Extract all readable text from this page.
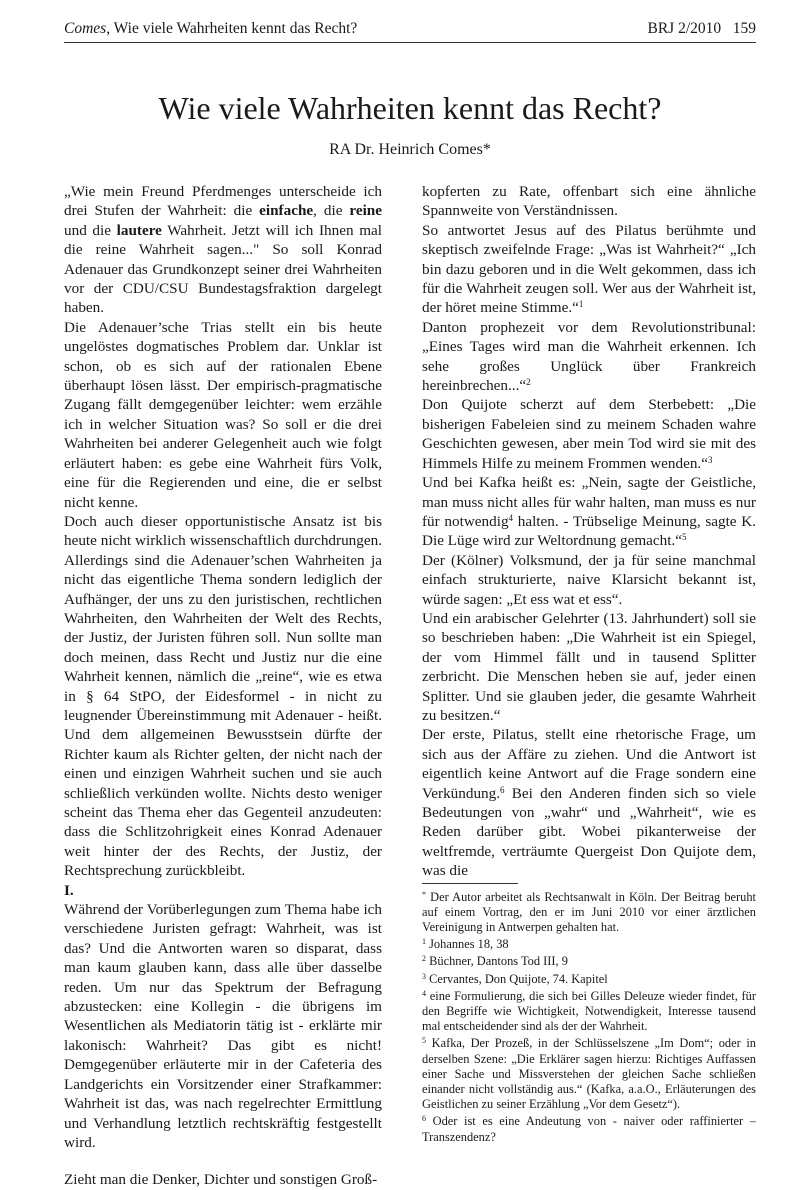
Comes, Wie viele Wahrheiten kennt das Recht?	BRJ 2/2010 159
Wie viele Wahrheiten kennt das Recht?
RA Dr. Heinrich Comes*

„Wie mein Freund Pferdmenges unterscheide ich drei Stufen der Wahrheit: die einfache, die reine und die lautere Wahrheit. Jetzt will ich Ihnen mal die reine Wahrheit sagen..." So soll Konrad Adenauer das Grundkonzept seiner drei Wahrheiten vor der CDU/CSU Bundestagsfraktion dargelegt haben.

Die Adenauer’sche Trias stellt ein bis heute ungelöstes dogmatisches Problem dar. Unklar ist schon, ob es sich auf der rationalen Ebene überhaupt lösen lässt. Der empirisch-pragmatische Zugang fällt demgegenüber leichter: wem erzähle ich in welcher Situation was? So soll er die drei Wahrheiten bei anderer Gelegenheit auch wie folgt erläutert haben: es gebe eine Wahrheit fürs Volk, eine für die Regierenden und eine, die er selbst nicht kenne.

Doch auch dieser opportunistische Ansatz ist bis heute nicht wirklich wissenschaftlich durchdrungen. Allerdings sind die Adenauer’schen Wahrheiten ja nicht das eigentliche Thema sondern lediglich der Aufhänger, der uns zu den juristischen, rechtlichen Wahrheiten, den Wahrheiten der Welt des Rechts, der Justiz, der Juristen führen soll. Nun sollte man doch meinen, dass Recht und Justiz nur die eine Wahrheit kennen, nämlich die „reine“, wie es etwa in § 64 StPO, der Eidesformel - in nicht zu leugnender Übereinstimmung mit Adenauer - heißt. Und dem allgemeinen Bewusstsein dürfte der Richter kaum als Richter gelten, der nicht nach der einen und einzigen Wahrheit suchen und sie auch schließlich verkünden wollte. Nichts desto weniger scheint das Thema eher das Gegenteil anzudeuten: dass die Schlitzohrigkeit eines Konrad Adenauer weit hinter der des Rechts, der Justiz, der Rechtsprechung zurückbleibt.

I.

Während der Vorüberlegungen zum Thema habe ich verschiedene Juristen gefragt: Wahrheit, was ist das? Und die Antworten waren so disparat, dass man kaum glauben kann, dass alle über dasselbe reden. Um nur das Spektrum der Befragung abzustecken: eine Kollegin - die übrigens im Wesentlichen als Mediatorin tätig ist - erklärte mir lakonisch: Wahrheit? Das gibt es nicht! Demgegenüber erläuterte mir in der Cafeteria des Landgerichts ein Vorsitzender einer Strafkammer: Wahrheit ist das, was nach regelrechter Ermittlung und Verhandlung letztlich rechtskräftig festgestellt wird.

Zieht man die Denker, Dichter und sonstigen Groß-

kopferten zu Rate, offenbart sich eine ähnliche Spannweite von Verständnissen.

So antwortet Jesus auf des Pilatus berühmte und skeptisch zweifelnde Frage: „Was ist Wahrheit?“ „Ich bin dazu geboren und in die Welt gekommen, dass ich für die Wahrheit zeugen soll. Wer aus der Wahrheit ist, der höret meine Stimme.“$^1$

Danton prophezeit vor dem Revolutionstribunal: „Eines Tages wird man die Wahrheit erkennen. Ich sehe großes Unglück über Frankreich hereinbrechen...“$^2$

Don Quijote scherzt auf dem Sterbebett: „Die bisherigen Fabeleien sind zu meinem Schaden wahre Geschichten gewesen, aber mein Tod wird sie mit des Himmels Hilfe zu meinem Frommen wenden.“$^3$

Und bei Kafka heißt es: „Nein, sagte der Geistliche, man muss nicht alles für wahr halten, man muss es nur für notwendig$^4$ halten. - Trübselige Meinung, sagte K. Die Lüge wird zur Weltordnung gemacht.“$^5$

Der (Kölner) Volksmund, der ja für seine manchmal einfach strukturierte, naive Klarsicht bekannt ist, würde sagen: „Et ess wat et ess“.

Und ein arabischer Gelehrter (13. Jahrhundert) soll sie so beschrieben haben: „Die Wahrheit ist ein Spiegel, der vom Himmel fällt und in tausend Splitter zerbricht. Die Menschen heben sie auf, jeder einen Splitter. Und sie glauben jeder, die gesamte Wahrheit zu besitzen.“

Der erste, Pilatus, stellt eine rhetorische Frage, um sich aus der Affäre zu ziehen. Und die Antwort ist eigentlich keine Antwort auf die Frage sondern eine Verkündung.$^6$ Bei den Anderen finden sich so viele Bedeutungen von „wahr“ und „Wahrheit“, wie es Reden darüber gibt. Wobei pikanterweise der weltfremde, verträumte Quergeist Don Quijote dem, was die

* Der Autor arbeitet als Rechtsanwalt in Köln. Der Beitrag beruht auf einem Vortrag, den er im Juni 2010 vor einer ärztlichen Vereinigung in Antwerpen gehalten hat.

$^1$ Johannes 18, 38

$^2$ Büchner, Dantons Tod III, 9

$^3$ Cervantes, Don Quijote, 74. Kapitel

$^4$ eine Formulierung, die sich bei Gilles Deleuze wieder findet, für den Begriffe wie Wichtigkeit, Notwendigkeit, Interesse tausend mal entscheidender sind als der der Wahrheit.

$^5$ Kafka, Der Prozeß, in der Schlüsselszene „Im Dom“; oder in derselben Szene: „Die Erklärer sagen hierzu: Richtiges Auffassen einer Sache und Missverstehen der gleichen Sache schließen einander nicht vollständig aus.“ (Kafka, a.a.O., Erläuterungen des Geistlichen zu seiner Erzählung „Vor dem Gesetz“).

$^6$ Oder ist es eine Andeutung von - naiver oder raffinierter – Transzendenz?
